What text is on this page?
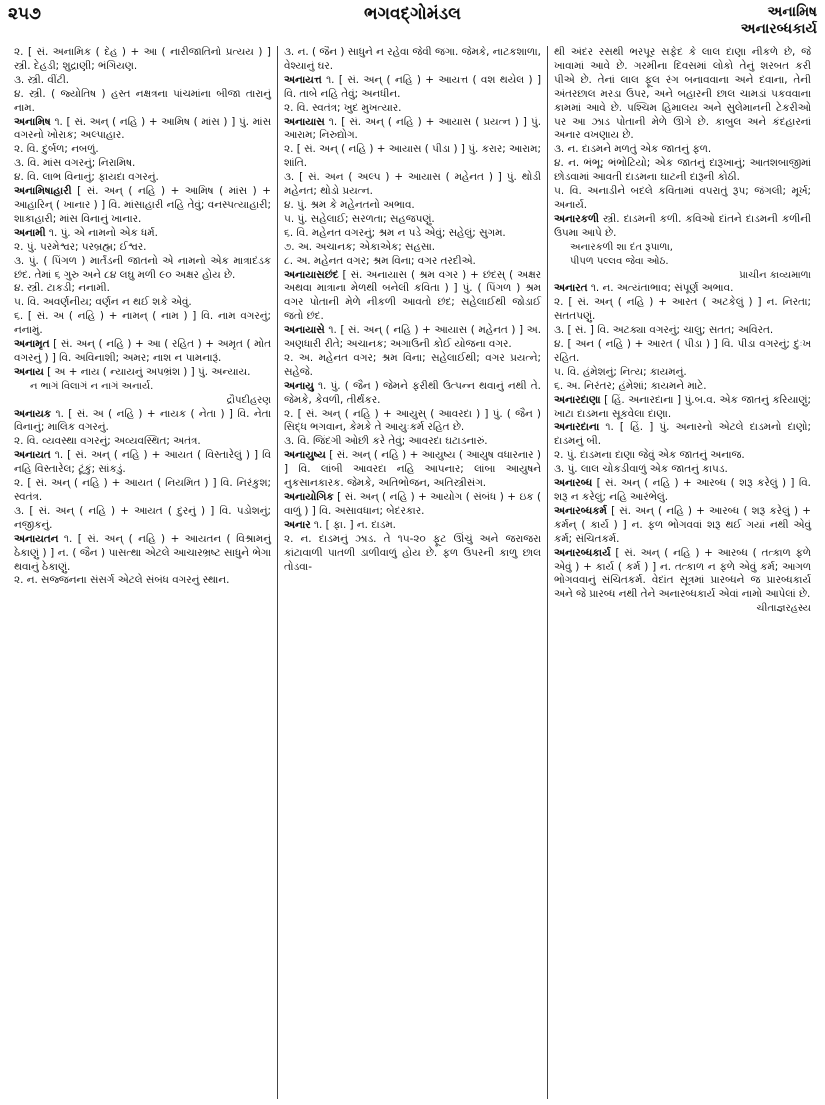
૨૫૭	ભગવદ્ગોમંડલ	અનામિષ
અનારબ્ધકાર્ય

૨. [ સં. અનામિક ( દેહ ) + આ ( નારીજાતિનો પ્રત્યય ) ] સ્ત્રી. દેહડી; શુદ્રાણી; ભંગિયણ.

૩. સ્ત્રી. વીંટી.

૪. સ્ત્રી. ( જ્યોતિષ ) હસ્ત નક્ષત્રના પાંચમાંના બીજા તારાનું નામ.

અનામિષ ૧. [ સં. અન્ ( નહિ ) + આમિષ ( માંસ ) ] પું. માંસ વગરનો ખોરાક; અલ્પાહાર.

૨. વિ. દુર્બળ; નબળું.

૩. વિ. માંસ વગરનું; નિરામિષ.

૪. વિ. લાભ વિનાનું; ફાયદા વગરનું.

અનામિષાહારી [ સં. અન્ ( નહિ ) + આમિષ ( માંસ ) + આહારિન્ ( ખાનાર ) ] વિ. માંસાહારી નહિ તેવું; વનસ્પત્યાહારી; શાકાહારી; માંસ વિનાનું ખાનાર.

અનામી ૧. પું. એ નામનો એક ધર્મ.

૨. પું. પરમેશ્વર; પરબ્રહ્મ; ઈશ્વર.

૩. પું. ( પિંગળ ) માર્તંડની જાતનો એ નામનો એક માત્રાદંડક છંદ. તેમાં ૬ ગુરુ અને ૮૪ લઘુ મળી ૯૦ અક્ષર હોય છે.

૪. સ્ત્રી. ટાકડી; નનામી.

૫. વિ. અવર્ણનીય; વર્ણન ન થઈ શકે એવું.

૬. [ સં. અ ( નહિ ) + નામન્ ( નામ ) ] વિ. નામ વગરનું; નનામું.

અનામૃત [ સં. અન્ ( નહિ ) + આ ( રહિત ) + અમૃત ( મોત વગરનું ) ] વિ. અવિનાશી; અમર; નાશ ન પામનારૂં.

અનાય [ અ + નાય ( ન્યાયનું અપભ્રંશ ) ] પું. અન્યાય.

ન ભાગં વિલાગં ન નાગં અનાર્ય.

દ્રૌપદીહરણ

અનાયક ૧. [ સં. અ ( નહિ ) + નાયક ( નેતા ) ] વિ. નેતા વિનાનું; માલિક વગરનું.

૨. વિ. વ્યવસ્થા વગરનું; અવ્યવસ્થિત; અતંત્ર.

અનાયત ૧. [ સં. અન્ ( નહિ ) + આયત ( વિસ્તારેલું ) ] વિ નહિ વિસ્તારેલ; ટૂંકું; સાંકડું.

૨. [ સં. અન્ ( નહિ ) + આયત ( નિયમિત ) ] વિ. નિરંકુશ; સ્વતંત્ર.

૩. [ સં. અન્ ( નહિ ) + આયત ( દુરનું ) ] વિ. પડોશનું; નજીકનું.

અનાયતન ૧. [ સં. અન્ ( નહિ ) + આયતન ( વિશ્રામનું ઠેકાણું ) ] ન. ( જૈન ) પાસત્થા એટલે આચારભ્રષ્ટ સાધુને ભેગા થવાનું ઠેકાણું.

૨. ન. સજ્જનના સંસર્ગ એટલે સંબંધ વગરનું સ્થાન.

૩. ન. ( જૈન ) સાધુને ન રહેવા જેવી જગા. જેમકે, નાટકશાળા, વેશ્યાનું ઘર.

અનાયત્ત ૧. [ સં. અન્ ( નહિ ) + આયત્ત ( વશ થયેલ ) ] વિ. તાબે નહિ તેવું; અનધીન.

૨. વિ. સ્વતંત્ર; ખુદ મુખત્યાર.

અનાયાસ ૧. [ સં. અન્ ( નહિ ) + આયાસ ( પ્રયત્ન ) ] પું. આરામ; નિરુદ્યોગ.

૨. [ સં. અન્ ( નહિ ) + આયાસ ( પીડા ) ] પું. કરાર; આરામ; શાંતિ.

૩. [ સં. અન ( અલ્પ ) + આયાસ ( મહેનત ) ] પું. થોડી મહેનત; થોડો પ્રયત્ન.

૪. પું. શ્રમ કે મહેનતનો અભાવ.

૫. પું. સહેલાઈ; સરળતા; સહજપણું.

૬. વિ. મહેનત વગરનું; શ્રમ ન પડે એવું; સહેલું; સુગમ.

૭. અ. અચાનક; એકાએક; સહસા.

૮. અ. મહેનત વગર; શ્રમ વિના; વગર તરદીએ.

અનાયાસછંદ [ સં. અનાયાસ ( શ્રમ વગર ) + છંદસ્ ( અક્ષર અથવા માત્રાના મેળથી બનેલી કવિતા ) ] પું. ( પિંગળ ) શ્રમ વગર પોતાની મેળે નીકળી આવતો છંદ; સહેલાઈથી જોડાઈ જતો છંદ.

અનાયાસે ૧. [ સં. અન્ ( નહિ ) + આયાસ ( મહેનત ) ] અ. અણધારી રીતે; અચાનક; અગાઉની કોઈ યોજના વગર.

૨. અ. મહેનત વગર; શ્રમ વિના; સહેલાઈથી; વગર પ્રયત્ને; સહેજે.

અનાયુ ૧. પું. ( જૈન ) જેમને ફરીથી ઉત્પન્ન થવાનું નથી તે. જેમકે, કેવળી, તીર્થંકર.

૨. [ સં. અન્ ( નહિ ) + આયુસ્ ( આવરદા ) ] પું. ( જૈન ) સિદ્ધ ભગવાન, કેમકે તે આયુઃકર્મ રહિત છે.

૩. વિ. જિંદગી ઓછી કરે તેવું; આવરદા ઘટાડનારું.

અનાયુષ્ય [ સં. અન્ ( નહિ ) + આયુષ્ય ( આયુષ વધારનાર ) ] વિ. લાંબી આવરદા નહિ આપનાર; લાંબા આયુષને નુકસાનકારક. જેમકે, અતિભોજન, અતિસ્ત્રીસંગ.

અનાયોગિક [ સં. અન્ ( નહિ ) + આયોગ ( સંબંધ ) + ઇક ( વાળું ) ] વિ. અસાવધાન; બેદરકાર.

અનાર ૧. [ ફા. ] ન. દાડમ.

૨. ન. દાડમનું ઝાડ. તે ૧૫-૨૦ ફૂટ ઊંચું અને જરાજરા કાંટાવાળી પાતળી ડાળીવાળું હોય છે. ફળ ઉપરની કાળુ છાલ તોડવા-

થી અંદર રસથી ભરપૂર સફેદ કે લાલ દાણા નીકળે છે, જે ખાવામાં આવે છે. ગરમીના દિવસમાં લોકો તેનું શરબત કરી પીએ છે. તેનાં લાલ ફૂલ રંગ બનાવવાના અને દવાના, તેની અંતરછાલ મરડા ઉપર, અને બહારની છાલ ચામડાં પકવવાના કામમાં આવે છે. પશ્ચિમ હિમાલય અને સુલેમાનની ટેકરીઓ પર આ ઝાડ પોતાની મેળે ઊગે છે. કાબુલ અને કંદહારનાં અનાર વખણાય છે.

૩. ન. દાડમને મળતું એક જાતનું ફળ.

૪. ન. ભંભૂ; ભંભોટિયો; એક જાતનું દારૂખાનું; આતશબાજીમાં છોડવામાં આવતી દાડમના ઘાટની દારૂની કોઠી.

૫. વિ. અનાડીને બદલે કવિતામાં વપરાતું રૂપ; જંગલી; મૂર્ખ; અનાર્ય.

અનારકળી સ્ત્રી. દાડમની કળી. કવિઓ દાંતને દાડમની કળીની ઉપમા આપે છે.

અનારકળી શા દંત રૂપાળા,
પીપળ પલ્લવ જેવા ઓઠ.

પ્રાચીન કાવ્યમાળા

અનારત ૧. ન. અત્યંતાભાવ; સંપૂર્ણ અભાવ.

૨. [ સં. અન્ ( નહિ ) + આરત ( અટકેલું ) ] ન. નિરતા; સતતપણું.

૩. [ સં. ] વિ. અટક્યા વગરનું; ચાલુ; સતત; અવિરત.

૪. [ અન ( નહિ ) + આરત ( પીડા ) ] વિ. પીડા વગરનું; દુઃખ રહિત.

૫. વિ. હંમેશનું; નિત્ય; કાયમનું.

૬. અ. નિરંતર; હંમેશાં; કાયમને માટે.

અનારદાણા [ હિં. અનારદાના ] પું.બ.વ. એક જાતનું કરિયાણું; ખાટા દાડમના સૂકવેલા દાણા.

અનારદાના ૧. [ હિં. ] પું. અનારનો એટલે દાડમનો દાણો; દાડમનું બી.

૨. પું. દાડમના દાણા જેવું એક જાતનું અનાજ.

૩. પું. લાલ ચોકડીવાળું એક જાતનું કાપડ.

અનારબ્ધ [ સં. અન્ ( નહિ ) + આરબ્ધ ( શરૂ કરેલું ) ] વિ. શરૂ ન કરેલું; નહિ આરંભેલું.

અનારબ્ધકર્મ [ સં. અન્ ( નહિ ) + આરબ્ધ ( શરૂ કરેલું ) + કર્મન્ ( કાર્ય ) ] ન. ફળ ભોગવવાં શરૂ થઈ ગયાં નથી એવું કર્મ; સંચિતકર્મ.

અનારબ્ધકાર્ય [ સં. અન્ ( નહિ ) + આરબ્ધ ( તત્કાળ ફળે એવું ) + કાર્ય ( કર્મ ) ] ન. તત્કાળ ન ફળે એવું કર્મ; આગળ ભોગવવાનું સંચિતકર્મ. વેદાંત સૂત્રમાં પ્રારબ્ધને જ પ્રારબ્ધકાર્ય અને જે પ્રારબ્ધ નથી તેને અનારબ્ધકાર્ય એવાં નામો આપેલાં છે.

ચીતાજ્ઞરહસ્ય
